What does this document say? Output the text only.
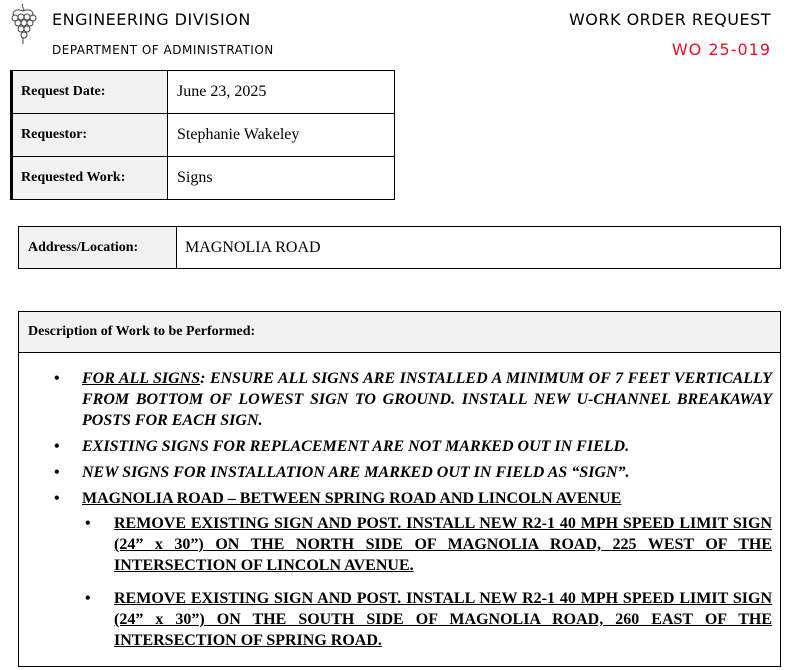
ENGINEERING DIVISION
DEPARTMENT OF ADMINISTRATION
WORK ORDER REQUEST
WO 25-019
Request Date:	June 23, 2025
Requestor:	Stephanie Wakeley
Requested Work:	Signs
Address/Location:	MAGNOLIA ROAD
Description of Work to be Performed:
• FOR ALL SIGNS: ENSURE ALL SIGNS ARE INSTALLED A MINIMUM OF 7 FEET VERTICALLY FROM BOTTOM OF LOWEST SIGN TO GROUND. INSTALL NEW U-CHANNEL BREAKAWAY POSTS FOR EACH SIGN.
• EXISTING SIGNS FOR REPLACEMENT ARE NOT MARKED OUT IN FIELD.
• NEW SIGNS FOR INSTALLATION ARE MARKED OUT IN FIELD AS “SIGN”.
• MAGNOLIA ROAD – BETWEEN SPRING ROAD AND LINCOLN AVENUE
• REMOVE EXISTING SIGN AND POST. INSTALL NEW R2-1 40 MPH SPEED LIMIT SIGN (24” x 30”) ON THE NORTH SIDE OF MAGNOLIA ROAD, 225 WEST OF THE INTERSECTION OF LINCOLN AVENUE.
• REMOVE EXISTING SIGN AND POST. INSTALL NEW R2-1 40 MPH SPEED LIMIT SIGN (24” x 30”) ON THE SOUTH SIDE OF MAGNOLIA ROAD, 260 EAST OF THE INTERSECTION OF SPRING ROAD.
